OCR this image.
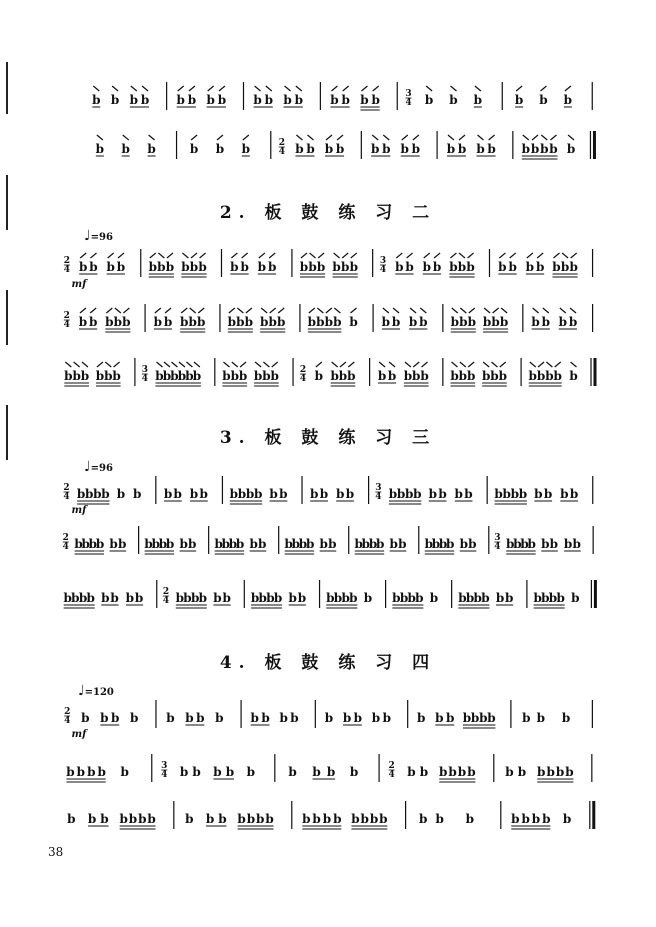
2. 板 鼓 练 习 二
3. 板 鼓 练 习 三
4. 板 鼓 练 习 四
♩=96
♩=96
♩=120
b b b b b b b b b b b b b b b b	3
4 b b b	b b b
b b b	b b b	2
4 b b b b b b b b b b b b b b b b b
2
4 b b b b b b b b b b b b b b b b b b b b 3
4 b b b b b b b b b b b b b b
mf
2
4 b b b b b b b b b b b b b b b b b b b b b b b b b b b b b b b b b b b
b b b b b b 3
4 b b b b b b b b b b b b 2
4 b b b b b b b b b b b b b b b b b b b b
2
4 b b b b b b b b b b b b b b b b b b b b 3
4 b b b b b b b b b b b b b b b b
mf
2
4 b
b
b
b b b b
b
b
b b b b
b
b
b b b b
b
b
b b b b
b
b
b b b b
b
b
b b b 3
4 b
b
b
b b b b b
b b b b b b b b 2
4 b b b b b b b b b b b b b b b b b b b b b b b b b b b b b b b b b
2
4 b b b b b b b b b b b b b b b b b b b b b b b b b b b
mf
b b b b b	3
4 b b b b b	b b b b	2
4 b b b b b b b b b b b b
b b b b b b b b b b b b b b b b b b b b b b	b b b	b b b b b
38
